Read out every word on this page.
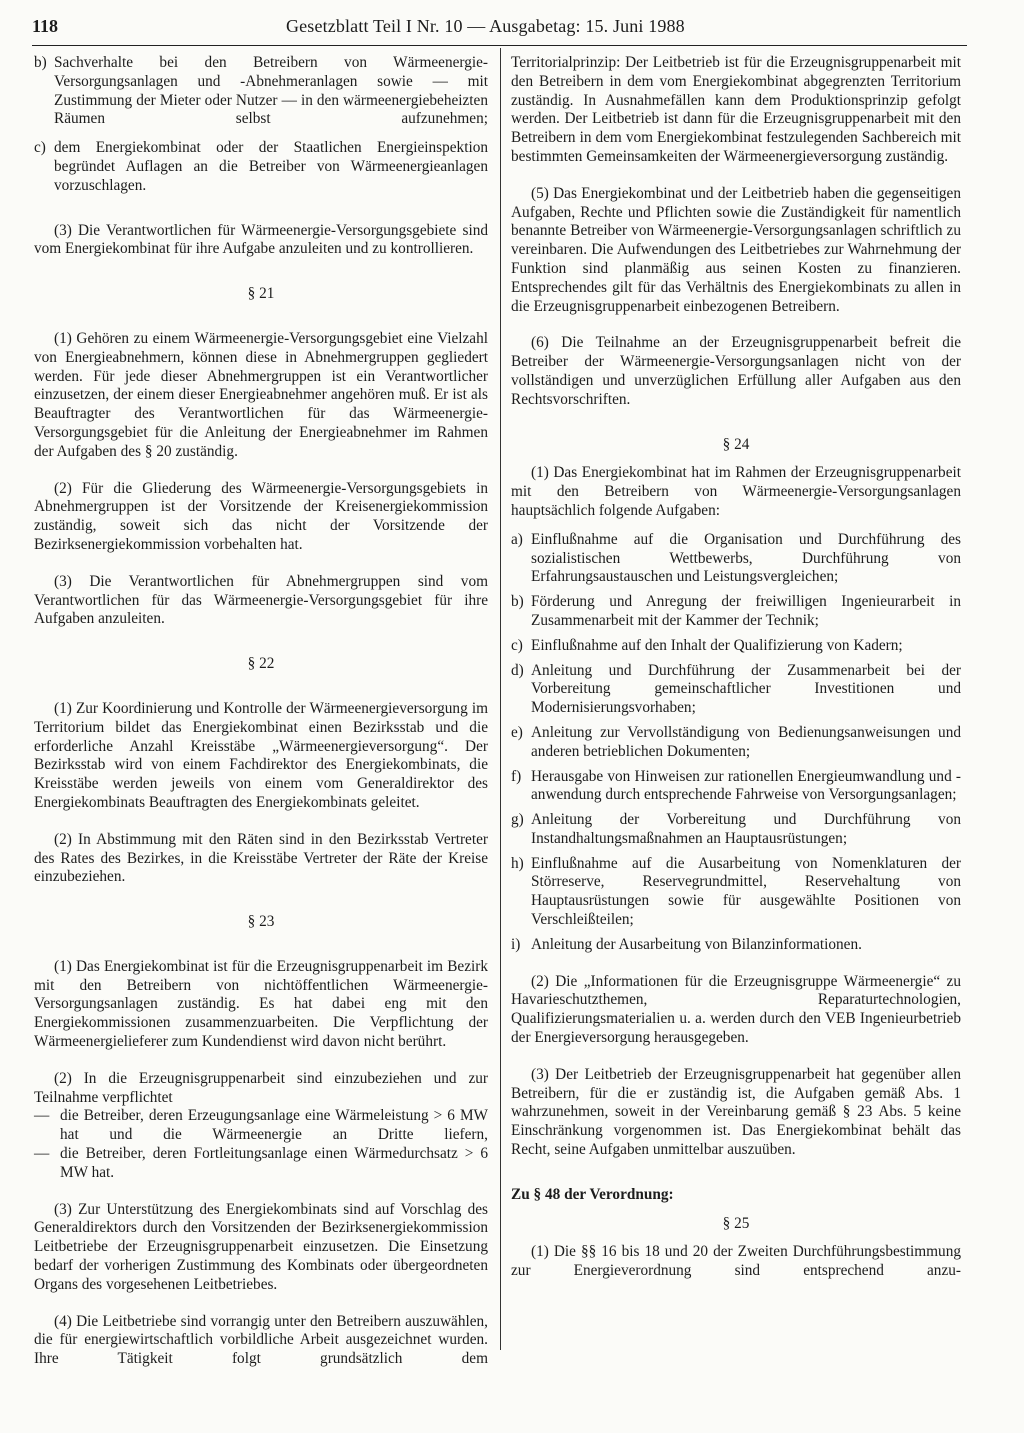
118	Gesetzblatt Teil I Nr. 10 — Ausgabetag: 15. Juni 1988
b) Sachverhalte bei den Betreibern von Wärmeenergie-Versorgungsanlagen und -Abnehmeranlagen sowie — mit Zustimmung der Mieter oder Nutzer — in den wärmeenergiebeheizten Räumen selbst aufzunehmen;
c) dem Energiekombinat oder der Staatlichen Energieinspektion begründet Auflagen an die Betreiber von Wärmeenergieanlagen vorzuschlagen.

(3) Die Verantwortlichen für Wärmeenergie-Versorgungsgebiete sind vom Energiekombinat für ihre Aufgabe anzuleiten und zu kontrollieren.

§ 21

(1) Gehören zu einem Wärmeenergie-Versorgungsgebiet eine Vielzahl von Energieabnehmern, können diese in Abnehmergruppen gegliedert werden. Für jede dieser Abnehmergruppen ist ein Verantwortlicher einzusetzen, der einem dieser Energieabnehmer angehören muß. Er ist als Beauftragter des Verantwortlichen für das Wärmeenergie-Versorgungsgebiet für die Anleitung der Energieabnehmer im Rahmen der Aufgaben des § 20 zuständig.

(2) Für die Gliederung des Wärmeenergie-Versorgungsgebiets in Abnehmergruppen ist der Vorsitzende der Kreisenergiekommission zuständig, soweit sich das nicht der Vorsitzende der Bezirksenergiekommission vorbehalten hat.

(3) Die Verantwortlichen für Abnehmergruppen sind vom Verantwortlichen für das Wärmeenergie-Versorgungsgebiet für ihre Aufgaben anzuleiten.

§ 22

(1) Zur Koordinierung und Kontrolle der Wärmeenergieversorgung im Territorium bildet das Energiekombinat einen Bezirksstab und die erforderliche Anzahl Kreisstäbe „Wärmeenergieversorgung“. Der Bezirksstab wird von einem Fachdirektor des Energiekombinats, die Kreisstäbe werden jeweils von einem vom Generaldirektor des Energiekombinats Beauftragten des Energiekombinats geleitet.

(2) In Abstimmung mit den Räten sind in den Bezirksstab Vertreter des Rates des Bezirkes, in die Kreisstäbe Vertreter der Räte der Kreise einzubeziehen.

§ 23

(1) Das Energiekombinat ist für die Erzeugnisgruppenarbeit im Bezirk mit den Betreibern von nichtöffentlichen Wärmeenergie-Versorgungsanlagen zuständig. Es hat dabei eng mit den Energiekommissionen zusammenzuarbeiten. Die Verpflichtung der Wärmeenergielieferer zum Kundendienst wird davon nicht berührt.

(2) In die Erzeugnisgruppenarbeit sind einzubeziehen und zur Teilnahme verpflichtet

— die Betreiber, deren Erzeugungsanlage eine Wärmeleistung > 6 MW hat und die Wärmeenergie an Dritte liefern,
— die Betreiber, deren Fortleitungsanlage einen Wärmedurchsatz > 6 MW hat.

(3) Zur Unterstützung des Energiekombinats sind auf Vorschlag des Generaldirektors durch den Vorsitzenden der Bezirksenergiekommission Leitbetriebe der Erzeugnisgruppenarbeit einzusetzen. Die Einsetzung bedarf der vorherigen Zustimmung des Kombinats oder übergeordneten Organs des vorgesehenen Leitbetriebes.

(4) Die Leitbetriebe sind vorrangig unter den Betreibern auszuwählen, die für energiewirtschaftlich vorbildliche Arbeit ausgezeichnet wurden. Ihre Tätigkeit folgt grundsätzlich dem

Territorialprinzip: Der Leitbetrieb ist für die Erzeugnisgruppenarbeit mit den Betreibern in dem vom Energiekombinat abgegrenzten Territorium zuständig. In Ausnahmefällen kann dem Produktionsprinzip gefolgt werden. Der Leitbetrieb ist dann für die Erzeugnisgruppenarbeit mit den Betreibern in dem vom Energiekombinat festzulegenden Sachbereich mit bestimmten Gemeinsamkeiten der Wärmeenergieversorgung zuständig.

(5) Das Energiekombinat und der Leitbetrieb haben die gegenseitigen Aufgaben, Rechte und Pflichten sowie die Zuständigkeit für namentlich benannte Betreiber von Wärmeenergie-Versorgungsanlagen schriftlich zu vereinbaren. Die Aufwendungen des Leitbetriebes zur Wahrnehmung der Funktion sind planmäßig aus seinen Kosten zu finanzieren. Entsprechendes gilt für das Verhältnis des Energiekombinats zu allen in die Erzeugnisgruppenarbeit einbezogenen Betreibern.

(6) Die Teilnahme an der Erzeugnisgruppenarbeit befreit die Betreiber der Wärmeenergie-Versorgungsanlagen nicht von der vollständigen und unverzüglichen Erfüllung aller Aufgaben aus den Rechtsvorschriften.

§ 24

(1) Das Energiekombinat hat im Rahmen der Erzeugnisgruppenarbeit mit den Betreibern von Wärmeenergie-Versorgungsanlagen hauptsächlich folgende Aufgaben:

a) Einflußnahme auf die Organisation und Durchführung des sozialistischen Wettbewerbs, Durchführung von Erfahrungsaustauschen und Leistungsvergleichen;
b) Förderung und Anregung der freiwilligen Ingenieurarbeit in Zusammenarbeit mit der Kammer der Technik;
c) Einflußnahme auf den Inhalt der Qualifizierung von Kadern;
d) Anleitung und Durchführung der Zusammenarbeit bei der Vorbereitung gemeinschaftlicher Investitionen und Modernisierungsvorhaben;
e) Anleitung zur Vervollständigung von Bedienungsanweisungen und anderen betrieblichen Dokumenten;
f) Herausgabe von Hinweisen zur rationellen Energieumwandlung und -anwendung durch entsprechende Fahrweise von Versorgungsanlagen;
g) Anleitung der Vorbereitung und Durchführung von Instandhaltungsmaßnahmen an Hauptausrüstungen;
h) Einflußnahme auf die Ausarbeitung von Nomenklaturen der Störreserve, Reservegrundmittel, Reservehaltung von Hauptausrüstungen sowie für ausgewählte Positionen von Verschleißteilen;
i) Anleitung der Ausarbeitung von Bilanzinformationen.

(2) Die „Informationen für die Erzeugnisgruppe Wärmeenergie“ zu Havarieschutzthemen, Reparaturtechnologien, Qualifizierungsmaterialien u. a. werden durch den VEB Ingenieurbetrieb der Energieversorgung herausgegeben.

(3) Der Leitbetrieb der Erzeugnisgruppenarbeit hat gegenüber allen Betreibern, für die er zuständig ist, die Aufgaben gemäß Abs. 1 wahrzunehmen, soweit in der Vereinbarung gemäß § 23 Abs. 5 keine Einschränkung vorgenommen ist. Das Energiekombinat behält das Recht, seine Aufgaben unmittelbar auszuüben.

Zu § 48 der Verordnung:
§ 25

(1) Die §§ 16 bis 18 und 20 der Zweiten Durchführungsbestimmung zur Energieverordnung sind entsprechend anzu-
